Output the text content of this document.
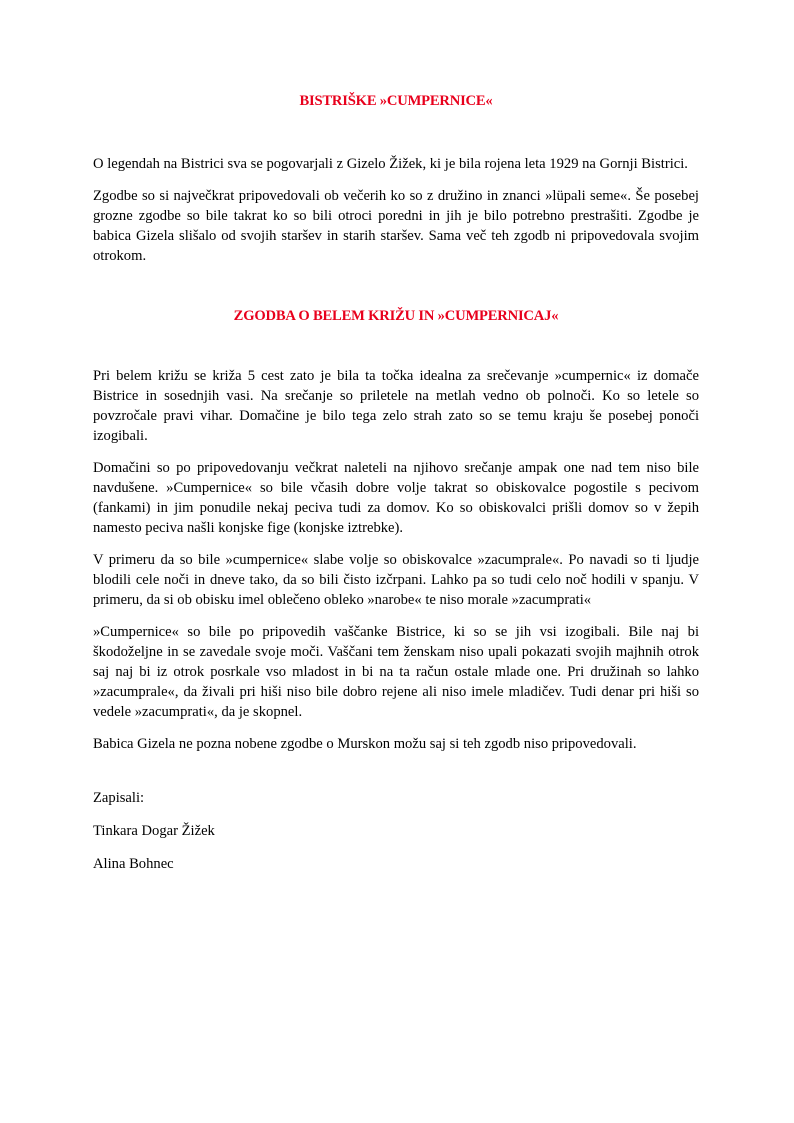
BISTRIŠKE »CUMPERNICE«

O legendah na Bistrici sva se pogovarjali z Gizelo Žižek, ki je bila rojena leta 1929 na Gornji Bistrici.

Zgodbe so si največkrat pripovedovali ob večerih ko so z družino in znanci »lüpali seme«. Še posebej grozne zgodbe so bile takrat ko so bili otroci poredni in jih je bilo potrebno prestrašiti. Zgodbe je babica Gizela slišalo od svojih staršev in starih staršev. Sama več teh zgodb ni pripovedovala svojim otrokom.

ZGODBA O BELEM KRIŽU IN »CUMPERNICAJ«

Pri belem križu se križa 5 cest zato je bila ta točka idealna za srečevanje »cumpernic« iz domače Bistrice in sosednjih vasi. Na srečanje so priletele na metlah vedno ob polnoči. Ko so letele so povzročale pravi vihar. Domačine je bilo tega zelo strah zato so se temu kraju še posebej ponoči izogibali.

Domačini so po pripovedovanju večkrat naleteli na njihovo srečanje ampak one nad tem niso bile navdušene. »Cumpernice« so bile včasih dobre volje takrat so obiskovalce pogostile s pecivom (fankami) in jim ponudile nekaj peciva tudi za domov. Ko so obiskovalci prišli domov so v žepih namesto peciva našli konjske fige (konjske iztrebke).

V primeru da so bile »cumpernice« slabe volje so obiskovalce »zacumprale«. Po navadi so ti ljudje blodili cele noči in dneve tako, da so bili čisto izčrpani. Lahko pa so tudi celo noč hodili v spanju. V primeru, da si ob obisku imel oblečeno obleko »narobe« te niso morale »zacumprati«

»Cumpernice« so bile po pripovedih vaščanke Bistrice, ki so se jih vsi izogibali. Bile naj bi škodoželjne in se zavedale svoje moči. Vaščani tem ženskam niso upali pokazati svojih majhnih otrok saj naj bi iz otrok posrkale vso mladost in bi na ta račun ostale mlade one. Pri družinah so lahko »zacumprale«, da živali pri hiši niso bile dobro rejene ali niso imele mladičev. Tudi denar pri hiši so vedele »zacumprati«, da je skopnel.

Babica Gizela ne pozna nobene zgodbe o Murskon možu saj si teh zgodb niso pripovedovali.

Zapisali:

Tinkara Dogar Žižek

Alina Bohnec
